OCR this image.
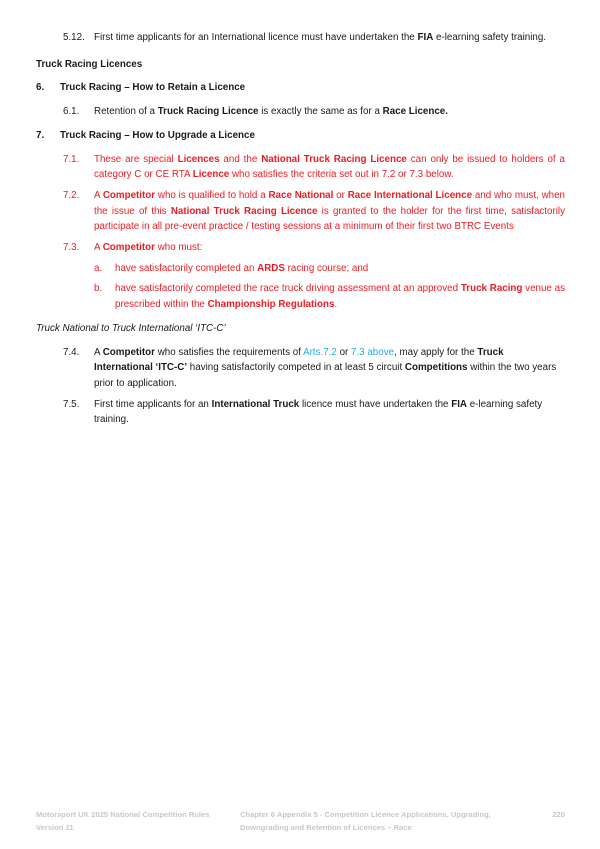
5.12. First time applicants for an International licence must have undertaken the FIA e-learning safety training.
Truck Racing Licences
6.	Truck Racing – How to Retain a Licence
6.1.	Retention of a Truck Racing Licence is exactly the same as for a Race Licence.
7.	Truck Racing – How to Upgrade a Licence
7.1.	These are special Licences and the National Truck Racing Licence can only be issued to holders of a category C or CE RTA Licence who satisfies the criteria set out in 7.2 or 7.3 below.
7.2.	A Competitor who is qualified to hold a Race National or Race International Licence and who must, when the issue of this National Truck Racing Licence is granted to the holder for the first time, satisfactorily participate in all pre-event practice / testing sessions at a minimum of their first two BTRC Events
7.3.	A Competitor who must:
a.	have satisfactorily completed an ARDS racing course; and
b.	have satisfactorily completed the race truck driving assessment at an approved Truck Racing venue as prescribed within the Championship Regulations.
Truck National to Truck International ‘ITC-C’
7.4.	A Competitor who satisfies the requirements of Arts.7.2 or 7.3 above, may apply for the Truck International ‘ITC-C’ having satisfactorily competed in at least 5 circuit Competitions within the two years prior to application.
7.5.	First time applicants for an International Truck licence must have undertaken the FIA e-learning safety training.
Motorsport UK 2025 National Competition Rules
Version 11
Chapter 6 Appendix 5 - Competition Licence Applications, Upgrading,
Downgrading and Retention of Licences – Race
220
